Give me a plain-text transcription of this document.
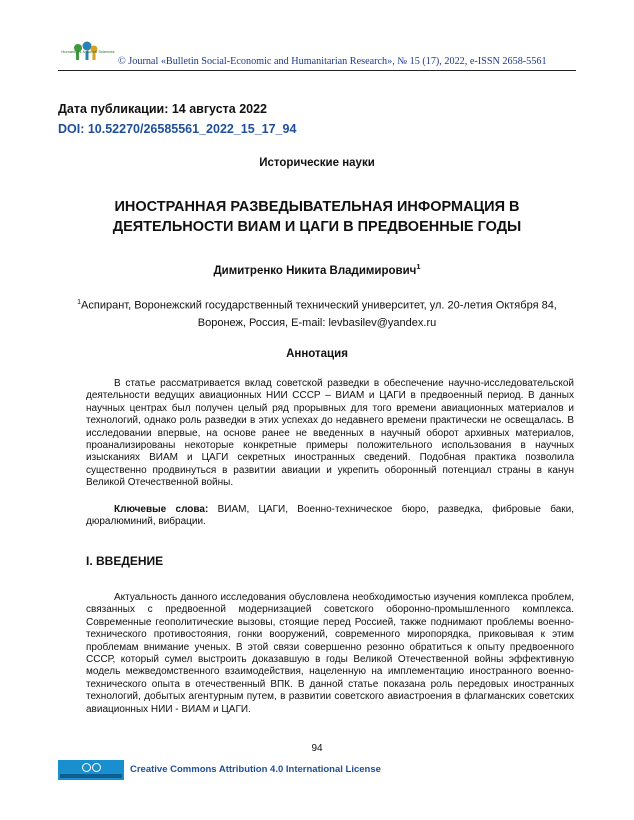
Humanities & Social Sciences
© Journal «Bulletin Social-Economic and Humanitarian Research», № 15 (17), 2022, e-ISSN 2658-5561
Дата публикации: 14 августа 2022
DOI: 10.52270/26585561_2022_15_17_94
Исторические науки
ИНОСТРАННАЯ РАЗВЕДЫВАТЕЛЬНАЯ ИНФОРМАЦИЯ В ДЕЯТЕЛЬНОСТИ ВИАМ И ЦАГИ В ПРЕДВОЕННЫЕ ГОДЫ
Димитренко Никита Владимирович$^1$
$^1$Аспирант, Воронежский государственный технический университет, ул. 20-летия Октября 84, Воронеж, Россия, E-mail: levbasilev@yandex.ru
Аннотация
В статье рассматривается вклад советской разведки в обеспечение научно-исследовательской деятельности ведущих авиационных НИИ СССР – ВИАМ и ЦАГИ в предвоенный период. В данных научных центрах был получен целый ряд прорывных для того времени авиационных материалов и технологий, однако роль разведки в этих успехах до недавнего времени практически не освещалась. В исследовании впервые, на основе ранее не введенных в научный оборот архивных материалов, проанализированы некоторые конкретные примеры положительного использования в научных изысканиях ВИАМ и ЦАГИ секретных иностранных сведений. Подобная практика позволила существенно продвинуться в развитии авиации и укрепить оборонный потенциал страны в канун Великой Отечественной войны.
Ключевые слова: ВИАМ, ЦАГИ, Военно-техническое бюро, разведка, фибровые баки, дюралюминий, вибрации.
I. ВВЕДЕНИЕ
Актуальность данного исследования обусловлена необходимостью изучения комплекса проблем, связанных с предвоенной модернизацией советского оборонно-промышленного комплекса. Современные геополитические вызовы, стоящие перед Россией, также поднимают проблемы военно-технического противостояния, гонки вооружений, современного миропорядка, приковывая к этим проблемам внимание ученых. В этой связи совершенно резонно обратиться к опыту предвоенного СССР, который сумел выстроить доказавшую в годы Великой Отечественной войны эффективную модель межведомственного взаимодействия, нацеленную на имплементацию иностранного военно-технического опыта в отечественный ВПК. В данной статье показана роль передовых иностранных технологий, добытых агентурным путем, в развитии советского авиастроения в флагманских советских авиационных НИИ - ВИАМ и ЦАГИ.
94
Creative Commons Attribution 4.0 International License
